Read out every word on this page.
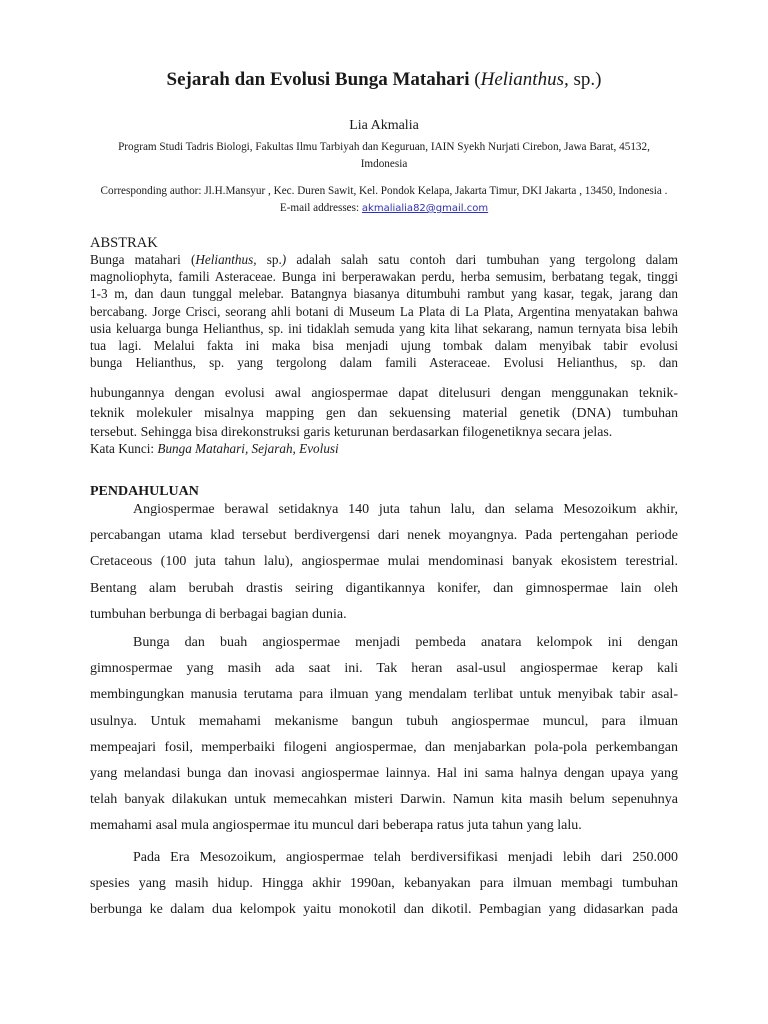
Sejarah dan Evolusi Bunga Matahari (Helianthus, sp.)
Lia Akmalia
Program Studi Tadris Biologi, Fakultas Ilmu Tarbiyah dan Keguruan, IAIN Syekh Nurjati Cirebon, Jawa Barat, 45132,
Imdonesia
Corresponding author: Jl.H.Mansyur , Kec. Duren Sawit, Kel. Pondok Kelapa, Jakarta Timur, DKI Jakarta , 13450, Indonesia .
E-mail addresses: akmalialia82@gmail.com
ABSTRAK
Bunga matahari (Helianthus, sp.) adalah salah satu contoh dari tumbuhan yang tergolong dalam
magnoliophyta, famili Asteraceae. Bunga ini berperawakan perdu, herba semusim, berbatang tegak, tinggi
1-3 m, dan daun tunggal melebar. Batangnya biasanya ditumbuhi rambut yang kasar, tegak, jarang dan
bercabang. Jorge Crisci, seorang ahli botani di Museum La Plata di La Plata, Argentina menyatakan bahwa
usia keluarga bunga Helianthus, sp. ini tidaklah semuda yang kita lihat sekarang, namun ternyata bisa lebih
tua lagi. Melalui fakta ini maka bisa menjadi ujung tombak dalam menyibak tabir evolusi
bunga Helianthus, sp. yang tergolong dalam famili Asteraceae. Evolusi Helianthus, sp. dan
hubungannya dengan evolusi awal angiospermae dapat ditelusuri dengan menggunakan teknik-
teknik molekuler misalnya mapping gen dan sekuensing material genetik (DNA) tumbuhan
tersebut. Sehingga bisa direkonstruksi garis keturunan berdasarkan filogenetiknya secara jelas.
Kata Kunci: Bunga Matahari, Sejarah, Evolusi
PENDAHULUAN
Angiospermae berawal setidaknya 140 juta tahun lalu, dan selama Mesozoikum akhir,
percabangan utama klad tersebut berdivergensi dari nenek moyangnya. Pada pertengahan periode
Cretaceous (100 juta tahun lalu), angiospermae mulai mendominasi banyak ekosistem terestrial.
Bentang alam berubah drastis seiring digantikannya konifer, dan gimnospermae lain oleh
tumbuhan berbunga di berbagai bagian dunia.
Bunga dan buah angiospermae menjadi pembeda anatara kelompok ini dengan
gimnospermae yang masih ada saat ini. Tak heran asal-usul angiospermae kerap kali
membingungkan manusia terutama para ilmuan yang mendalam terlibat untuk menyibak tabir asal-
usulnya. Untuk memahami mekanisme bangun tubuh angiospermae muncul, para ilmuan
mempeajari fosil, memperbaiki filogeni angiospermae, dan menjabarkan pola-pola perkembangan
yang melandasi bunga dan inovasi angiospermae lainnya. Hal ini sama halnya dengan upaya yang
telah banyak dilakukan untuk memecahkan misteri Darwin. Namun kita masih belum sepenuhnya
memahami asal mula angiospermae itu muncul dari beberapa ratus juta tahun yang lalu.
Pada Era Mesozoikum, angiospermae telah berdiversifikasi menjadi lebih dari 250.000
spesies yang masih hidup. Hingga akhir 1990an, kebanyakan para ilmuan membagi tumbuhan
berbunga ke dalam dua kelompok yaitu monokotil dan dikotil. Pembagian yang didasarkan pada
